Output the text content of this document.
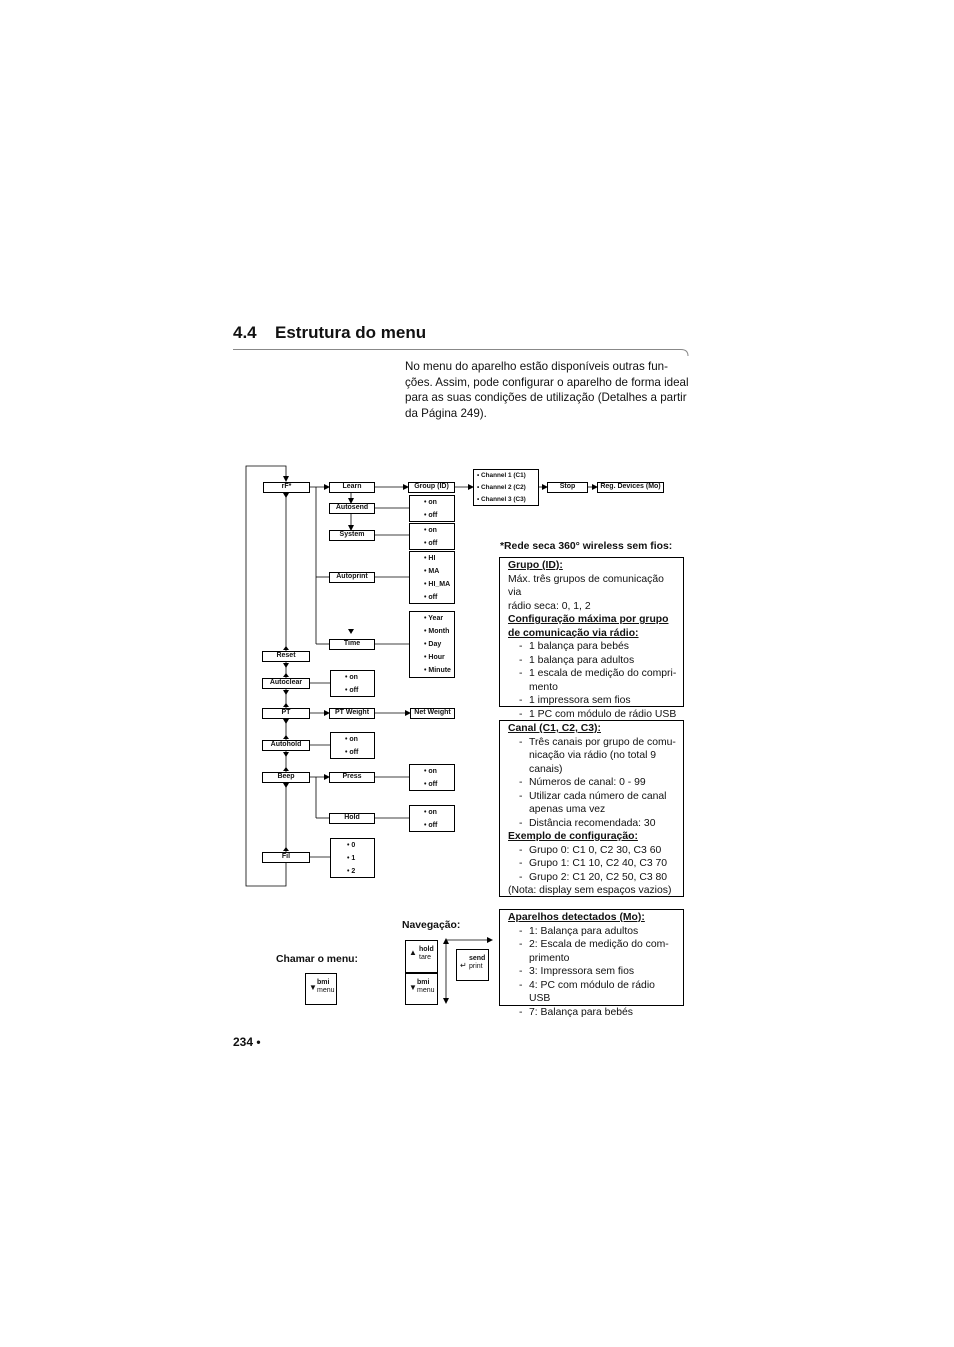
4.4 Estrutura do menu

No menu do aparelho estão disponíveis outras fun-

ções. Assim, pode configurar o aparelho de forma ideal

para as suas condições de utilização (Detalhes a partir

da Página 249).

rF*	Learn	Group (ID)
• Channel 1 (C1)
• Channel 2 (C2)
• Channel 3 (C3)
Stop	Reg. Devices (Mo)
Autosend
• on
• off
System
• on
• off
Autoprint
• HI
• MA
• HI_MA
• off
Time
• Year
• Month
• Day
• Hour
• Minute
Reset
Autoclear
• on
• off
PT	PT Weight	Net Weight
Autohold
• on
• off
Beep	Press
• on
• off
Hold
• on
• off
Fil
• 0
• 1
• 2
*Rede seca 360° wireless sem fios:
Grupo (ID):
Máx. três grupos de comunicação via
rádio seca: 0, 1, 2
Configuração máxima por grupo
de comunicação via rádio:
- 1 balança para bebés
- 1 balança para adultos
- 1 escala de medição do compri-
mento
- 1 impressora sem fios
- 1 PC com módulo de rádio USB
Canal (C1, C2, C3):
- Três canais por grupo de comu-
nicação via rádio (no total 9
canais)
- Números de canal: 0 - 99
- Utilizar cada número de canal
apenas uma vez
- Distância recomendada: 30
Exemplo de configuração:
- Grupo 0: C1 0, C2 30, C3 60
- Grupo 1: C1 10, C2 40, C3 70
- Grupo 2: C1 20, C2 50, C3 80
(Nota: display sem espaços vazios)
Aparelhos detectados (Mo):
- 1: Balança para adultos
- 2: Escala de medição do com-
primento
- 3: Impressora sem fios
- 4: PC com módulo de rádio USB
- 7: Balança para bebés
Navegação:
Chamar o menu:
▼
bmi
menu
▲ hold
tare
▼
bmi
menu
↵
send
print
234 •
